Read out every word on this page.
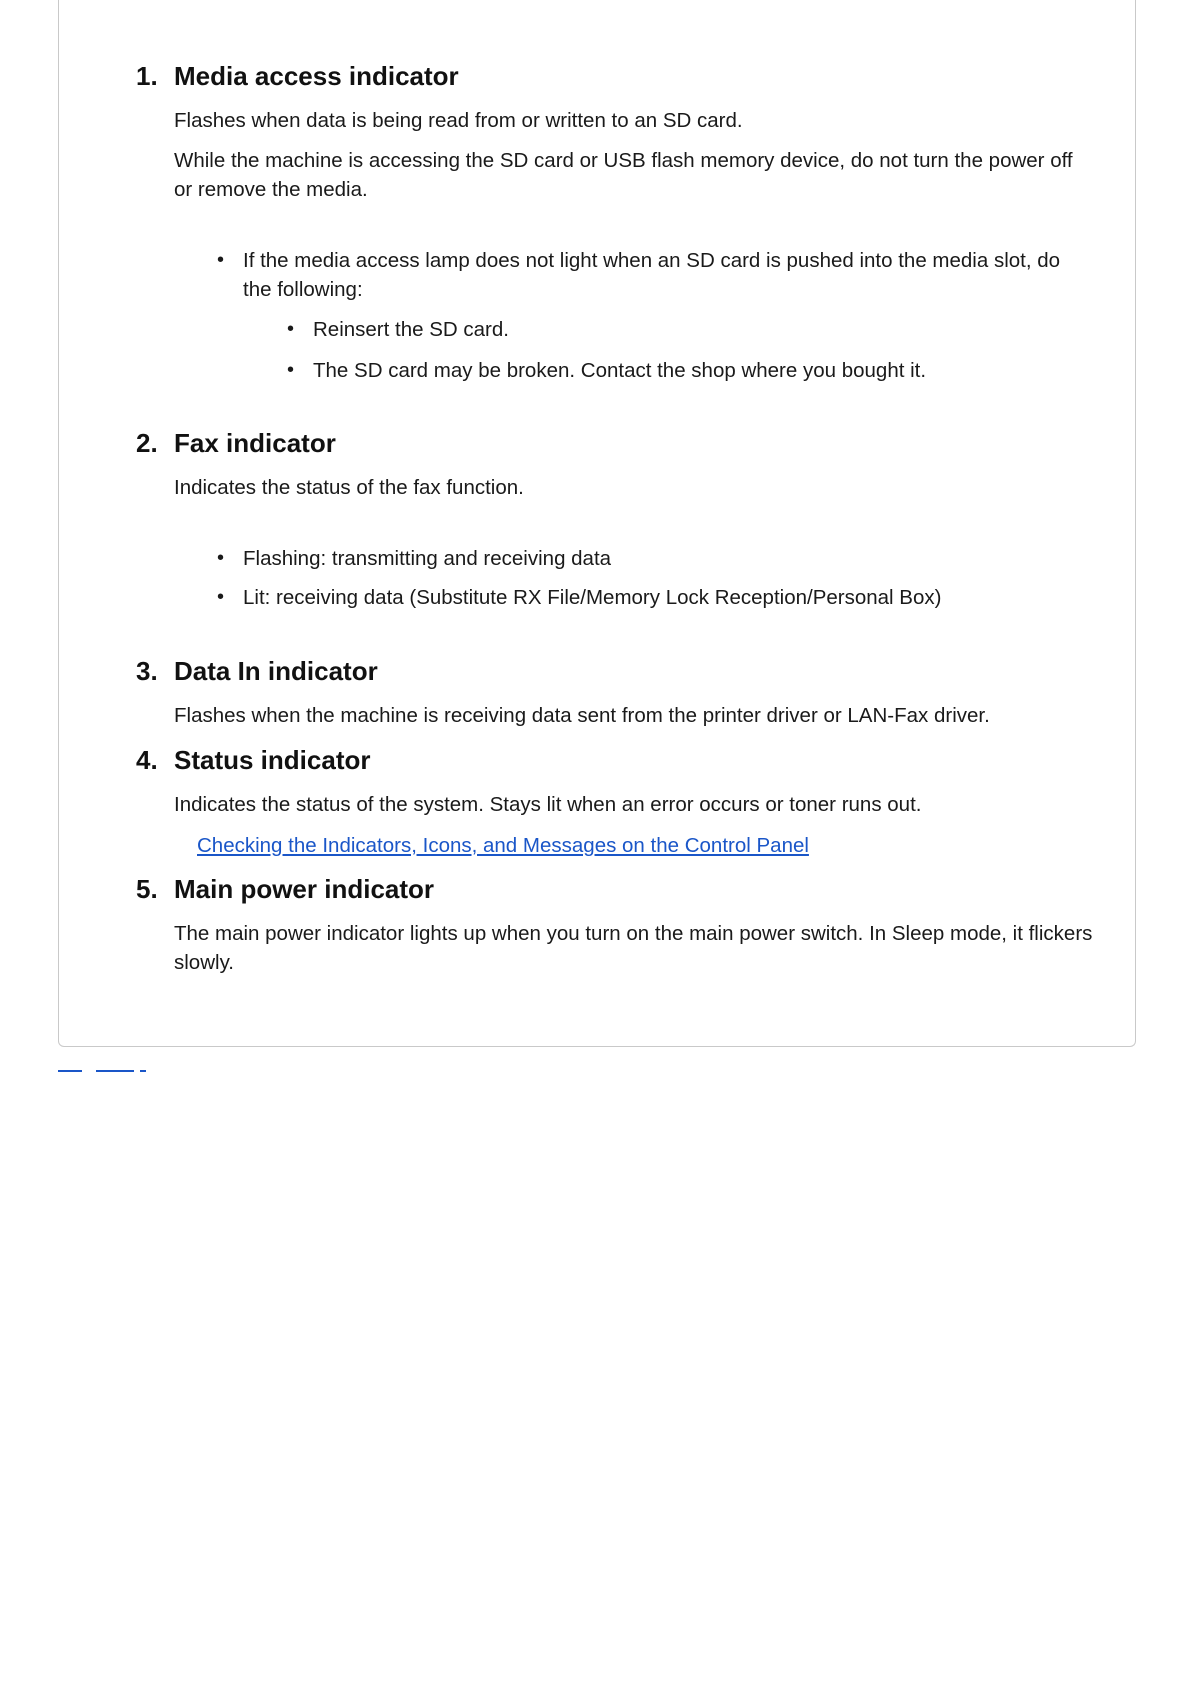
1. Media access indicator
Flashes when data is being read from or written to an SD card.
While the machine is accessing the SD card or USB flash memory device, do not turn the power off or remove the media.
• If the media access lamp does not light when an SD card is pushed into the media slot, do the following:
• Reinsert the SD card.
• The SD card may be broken. Contact the shop where you bought it.
2. Fax indicator
Indicates the status of the fax function.
• Flashing: transmitting and receiving data
• Lit: receiving data (Substitute RX File/Memory Lock Reception/Personal Box)
3. Data In indicator
Flashes when the machine is receiving data sent from the printer driver or LAN-Fax driver.
4. Status indicator
Indicates the status of the system. Stays lit when an error occurs or toner runs out.
Checking the Indicators, Icons, and Messages on the Control Panel
5. Main power indicator
The main power indicator lights up when you turn on the main power switch. In Sleep mode, it flickers slowly.
